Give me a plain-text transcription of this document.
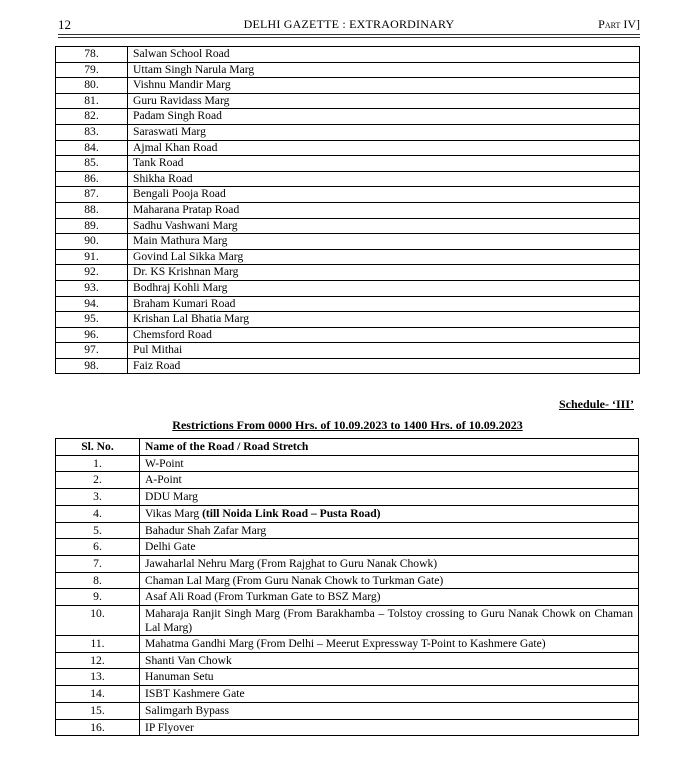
12	DELHI GAZETTE : EXTRAORDINARY	Part IV]
78.	Salwan School Road
79.	Uttam Singh Narula Marg
80.	Vishnu Mandir Marg
81.	Guru Ravidass Marg
82.	Padam Singh Road
83.	Saraswati Marg
84.	Ajmal Khan Road
85.	Tank Road
86.	Shikha Road
87.	Bengali Pooja Road
88.	Maharana Pratap Road
89.	Sadhu Vashwani Marg
90.	Main Mathura Marg
91.	Govind Lal Sikka Marg
92.	Dr. KS Krishnan Marg
93.	Bodhraj Kohli Marg
94.	Braham Kumari Road
95.	Krishan Lal Bhatia Marg
96.	Chemsford Road
97.	Pul Mithai
98.	Faiz Road
Schedule- ‘III’
Restrictions From 0000 Hrs. of 10.09.2023 to 1400 Hrs. of 10.09.2023
Sl. No.	Name of the Road / Road Stretch
1.	W-Point
2.	A-Point
3.	DDU Marg
4.	Vikas Marg (till Noida Link Road – Pusta Road)
5.	Bahadur Shah Zafar Marg
6.	Delhi Gate
7.	Jawaharlal Nehru Marg (From Rajghat to Guru Nanak Chowk)
8.	Chaman Lal Marg (From Guru Nanak Chowk to Turkman Gate)
9.	Asaf Ali Road (From Turkman Gate to BSZ Marg)
10.	Maharaja Ranjit Singh Marg (From Barakhamba – Tolstoy crossing to Guru Nanak Chowk on Chaman Lal Marg)
11.	Mahatma Gandhi Marg (From Delhi – Meerut Expressway T-Point to Kashmere Gate)
12.	Shanti Van Chowk
13.	Hanuman Setu
14.	ISBT Kashmere Gate
15.	Salimgarh Bypass
16.	IP Flyover
